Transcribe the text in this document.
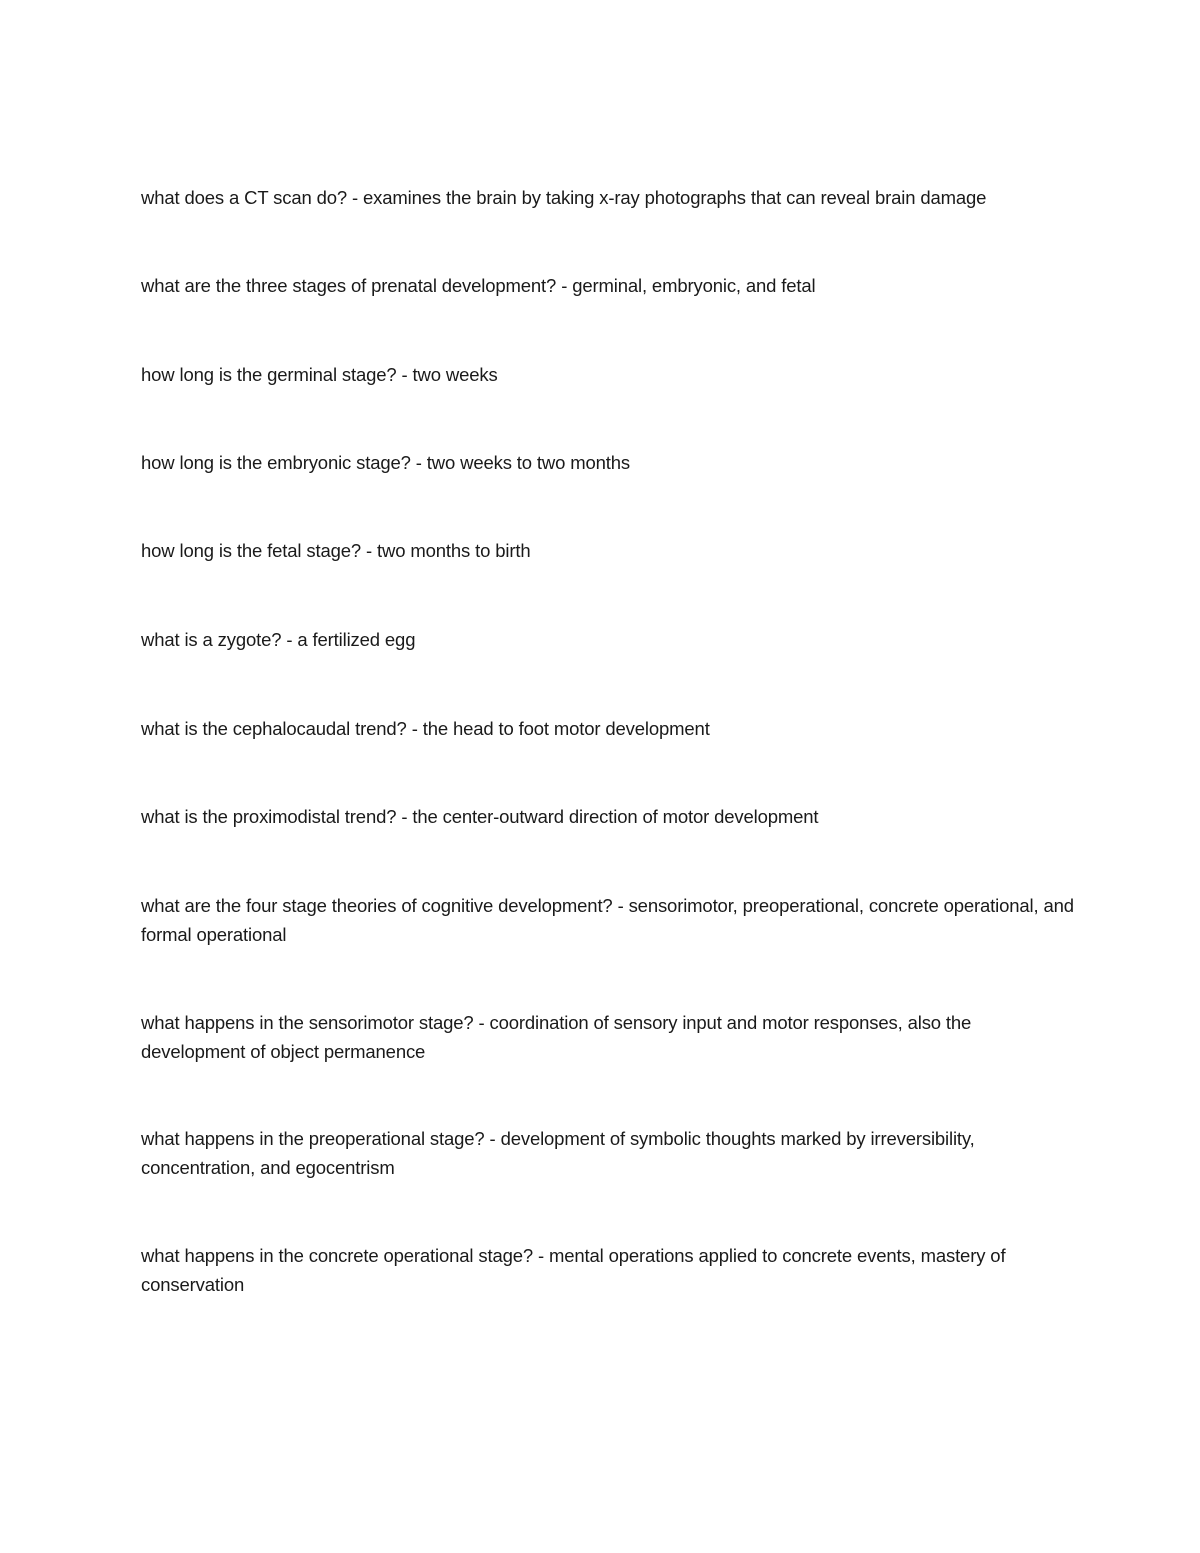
what does a CT scan do? - examines the brain by taking x-ray photographs that can reveal brain damage

what are the three stages of prenatal development? - germinal, embryonic, and fetal

how long is the germinal stage? - two weeks

how long is the embryonic stage? - two weeks to two months

how long is the fetal stage? - two months to birth

what is a zygote? - a fertilized egg

what is the cephalocaudal trend? - the head to foot motor development

what is the proximodistal trend? - the center-outward direction of motor development

what are the four stage theories of cognitive development? - sensorimotor, preoperational, concrete operational, and formal operational

what happens in the sensorimotor stage? - coordination of sensory input and motor responses, also the development of object permanence

what happens in the preoperational stage? - development of symbolic thoughts marked by irreversibility, concentration, and egocentrism

what happens in the concrete operational stage? - mental operations applied to concrete events, mastery of conservation
